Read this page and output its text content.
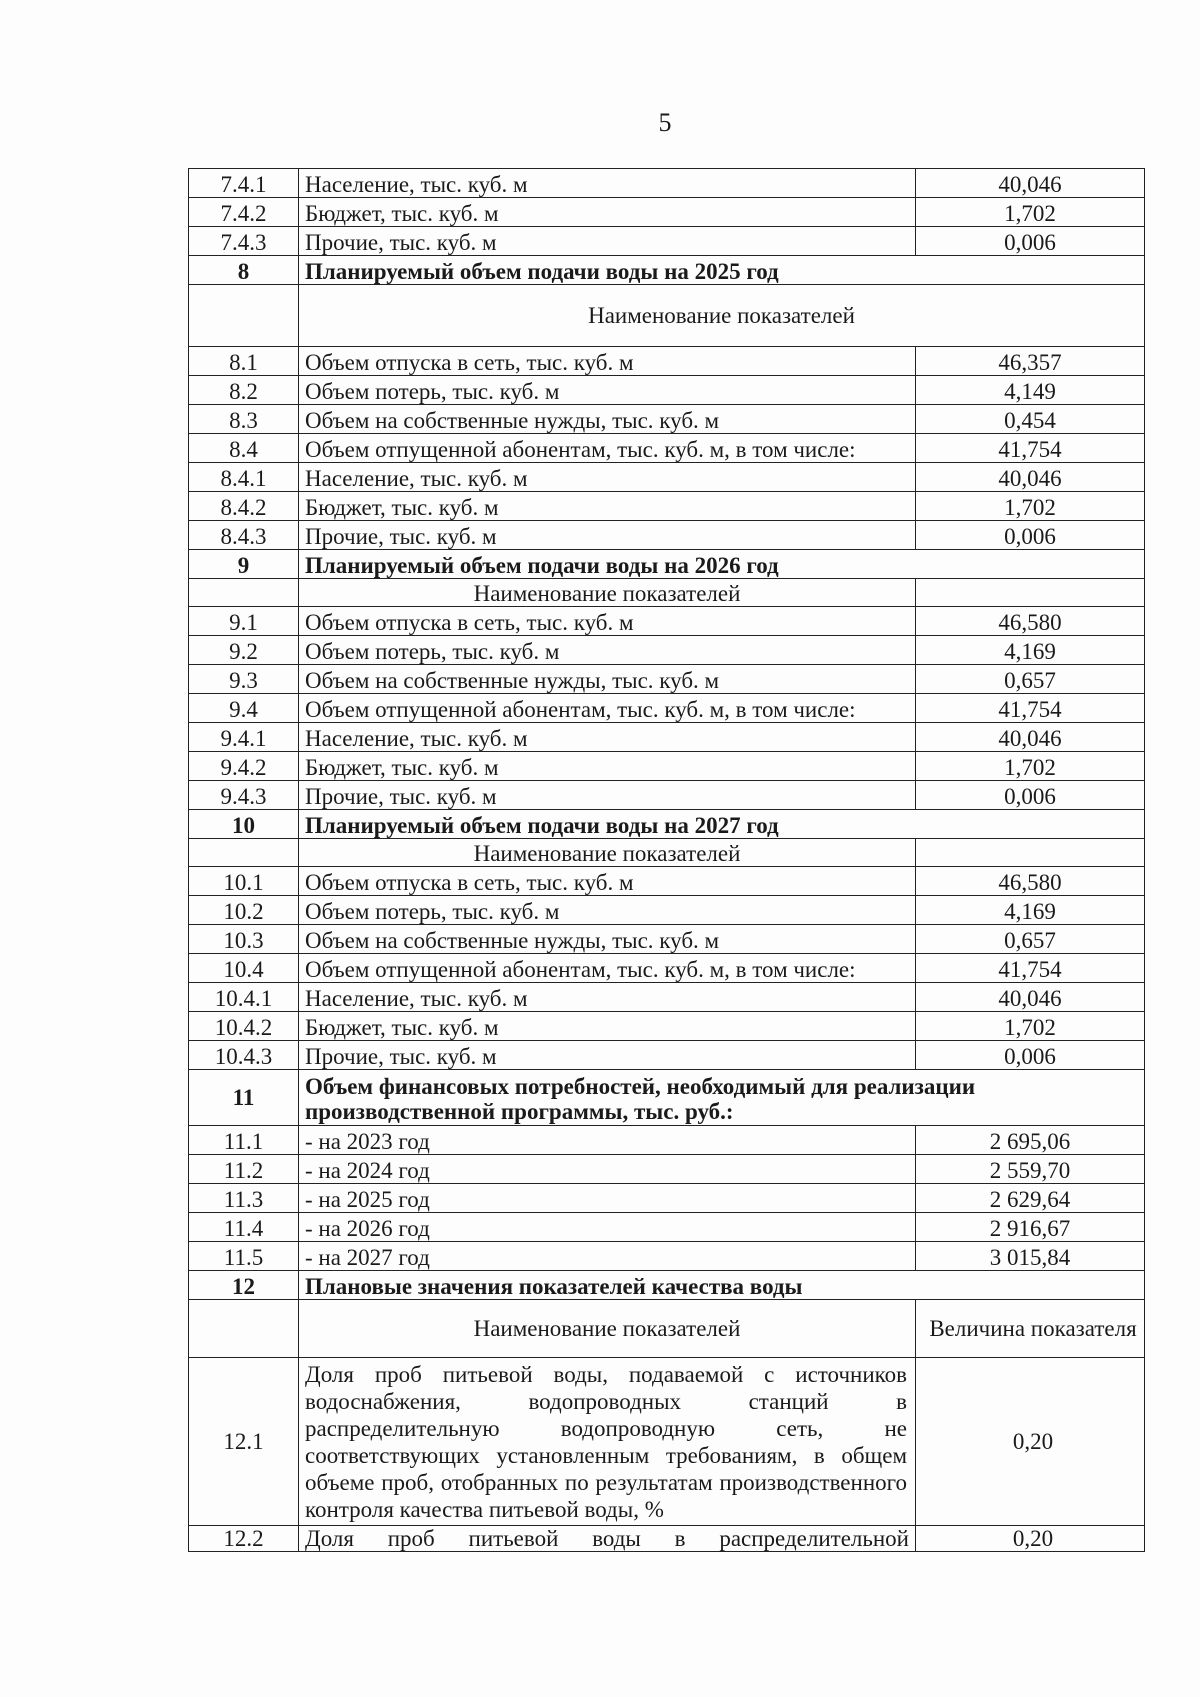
5
7.4.1	Население, тыс. куб. м	40,046
7.4.2	Бюджет, тыс. куб. м	1,702
7.4.3	Прочие, тыс. куб. м	0,006
8	Планируемый объем подачи воды на 2025 год	
	Наименование показателей	
8.1	Объем отпуска в сеть, тыс. куб. м	46,357
8.2	Объем потерь, тыс. куб. м	4,149
8.3	Объем на собственные нужды, тыс. куб. м	0,454
8.4	Объем отпущенной абонентам, тыс. куб. м, в том числе:	41,754
8.4.1	Население, тыс. куб. м	40,046
8.4.2	Бюджет, тыс. куб. м	1,702
8.4.3	Прочие, тыс. куб. м	0,006
9	Планируемый объем подачи воды на 2026 год	
	Наименование показателей	
9.1	Объем отпуска в сеть, тыс. куб. м	46,580
9.2	Объем потерь, тыс. куб. м	4,169
9.3	Объем на собственные нужды, тыс. куб. м	0,657
9.4	Объем отпущенной абонентам, тыс. куб. м, в том числе:	41,754
9.4.1	Население, тыс. куб. м	40,046
9.4.2	Бюджет, тыс. куб. м	1,702
9.4.3	Прочие, тыс. куб. м	0,006
10	Планируемый объем подачи воды на 2027 год	
	Наименование показателей	
10.1	Объем отпуска в сеть, тыс. куб. м	46,580
10.2	Объем потерь, тыс. куб. м	4,169
10.3	Объем на собственные нужды, тыс. куб. м	0,657
10.4	Объем отпущенной абонентам, тыс. куб. м, в том числе:	41,754
10.4.1	Население, тыс. куб. м	40,046
10.4.2	Бюджет, тыс. куб. м	1,702
10.4.3	Прочие, тыс. куб. м	0,006
11	Объем финансовых потребностей, необходимый для реализации производственной программы, тыс. руб.:	
11.1	- на 2023 год	2 695,06
11.2	- на 2024 год	2 559,70
11.3	- на 2025 год	2 629,64
11.4	- на 2026 год	2 916,67
11.5	- на 2027 год	3 015,84
12	Плановые значения показателей качества воды	
	Наименование показателей	Величина показателя
12.1	Доля проб питьевой воды, подаваемой с источников водоснабжения, водопроводных станций в распределительную водопроводную сеть, не соответствующих установленным требованиям, в общем объеме проб, отобранных по результатам производственного контроля качества питьевой воды, %	0,20
12.2	Доля проб питьевой воды в распределительной	0,20
